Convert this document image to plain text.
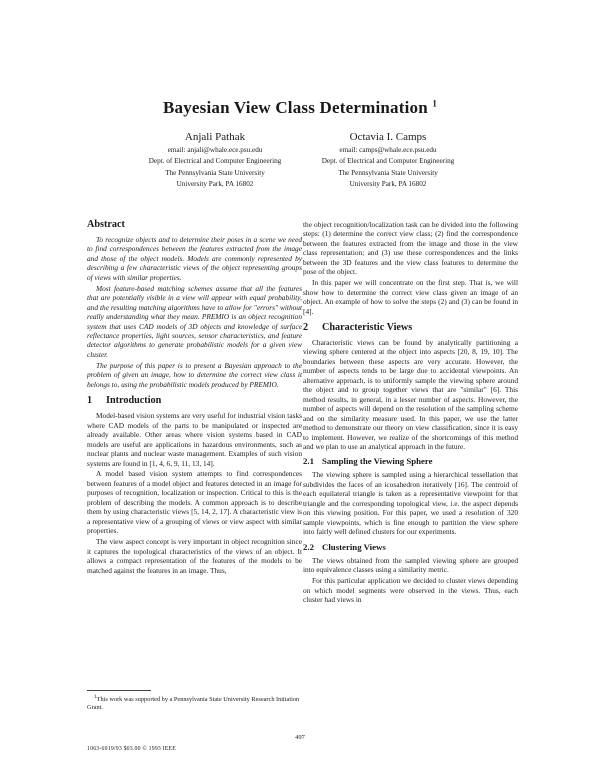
Bayesian View Class Determination $^1$
Anjali Pathak
email: anjali@whale.ece.psu.edu
Dept. of Electrical and Computer Engineering
The Pennsylvania State University
University Park, PA 16802
Octavia I. Camps
email: camps@whale.ece.psu.edu
Dept. of Electrical and Computer Engineering
The Pennsylvania State University
University Park, PA 16802
Abstract

To recognize objects and to determine their poses in a scene we need to find correspondences between the features extracted from the image and those of the object models. Models are commonly represented by describing a few characteristic views of the object representing groups of views with similar properties.

Most feature-based matching schemes assume that all the features that are potentially visible in a view will appear with equal probability, and the resulting matching algorithms have to allow for "errors" without really understanding what they mean. PREMIO is an object recognition system that uses CAD models of 3D objects and knowledge of surface reflectance properties, light sources, sensor characteristics, and feature detector algorithms to generate probabilistic models for a given view cluster.

The purpose of this paper is to present a Bayesian approach to the problem of given an image, how to determine the correct view class it belongs to, using the probabilistic models produced by PREMIO.

1 Introduction

Model-based vision systems are very useful for industrial vision tasks where CAD models of the parts to be manipulated or inspected are already available. Other areas where vision systems based in CAD models are useful are applications in hazardous environments, such as nuclear plants and nuclear waste management. Examples of such vision systems are found in [1, 4, 6, 9, 11, 13, 14].

A model based vision system attempts to find correspondences between features of a model object and features detected in an image for purposes of recognition, localization or inspection. Critical to this is the problem of describing the models. A common approach is to describe them by using characteristic views [5, 14, 2, 17]. A characteristic view is a representative view of a grouping of views or view aspect with similar properties.

The view aspect concept is very important in object recognition since it captures the topological characteristics of the views of an object. It allows a compact representation of the features of the models to be matched against the features in an image. Thus,

$^1$This work was supported by a Pennsylvania State University Research Initiation Grant.

the object recognition/localization task can be divided into the following steps: (1) determine the correct view class; (2) find the correspondence between the features extracted from the image and those in the view class representation; and (3) use these correspondences and the links between the 3D features and the view class features to determine the pose of the object.

In this paper we will concentrate on the first step. That is, we will show how to determine the correct view class given an image of an object. An example of how to solve the steps (2) and (3) can be found in [4].

2 Characteristic Views

Characteristic views can be found by analytically partitioning a viewing sphere centered at the object into aspects [20, 8, 19, 10]. The boundaries between these aspects are very accurate. However, the number of aspects tends to be large due to accidental viewpoints. An alternative approach, is to uniformly sample the viewing sphere around the object and to group together views that are "similar" [6]. This method results, in general, in a lesser number of aspects. However, the number of aspects will depend on the resolution of the sampling scheme and on the similarity measure used. In this paper, we use the latter method to demonstrate our theory on view classification, since it is easy to implement. However, we realize of the shortcomings of this method and we plan to use an analytical approach in the future.

2.1 Sampling the Viewing Sphere

The viewing sphere is sampled using a hierarchical tessellation that subdivides the faces of an icosahedron iteratively [16]. The centroid of each equilateral triangle is taken as a representative viewpoint for that triangle and the corresponding topological view, i.e. the aspect depends on this viewing position. For this paper, we used a resolution of 320 sample viewpoints, which is fine enough to partition the view sphere into fairly well defined clusters for our experiments.

2.2 Clustering Views

The views obtained from the sampled viewing sphere are grouped into equivalence classes using a similarity metric.

For this particular application we decided to cluster views depending on which model segments were observed in the views. Thus, each cluster had views in

497
1063-6919/93 $03.00 © 1993 IEEE
